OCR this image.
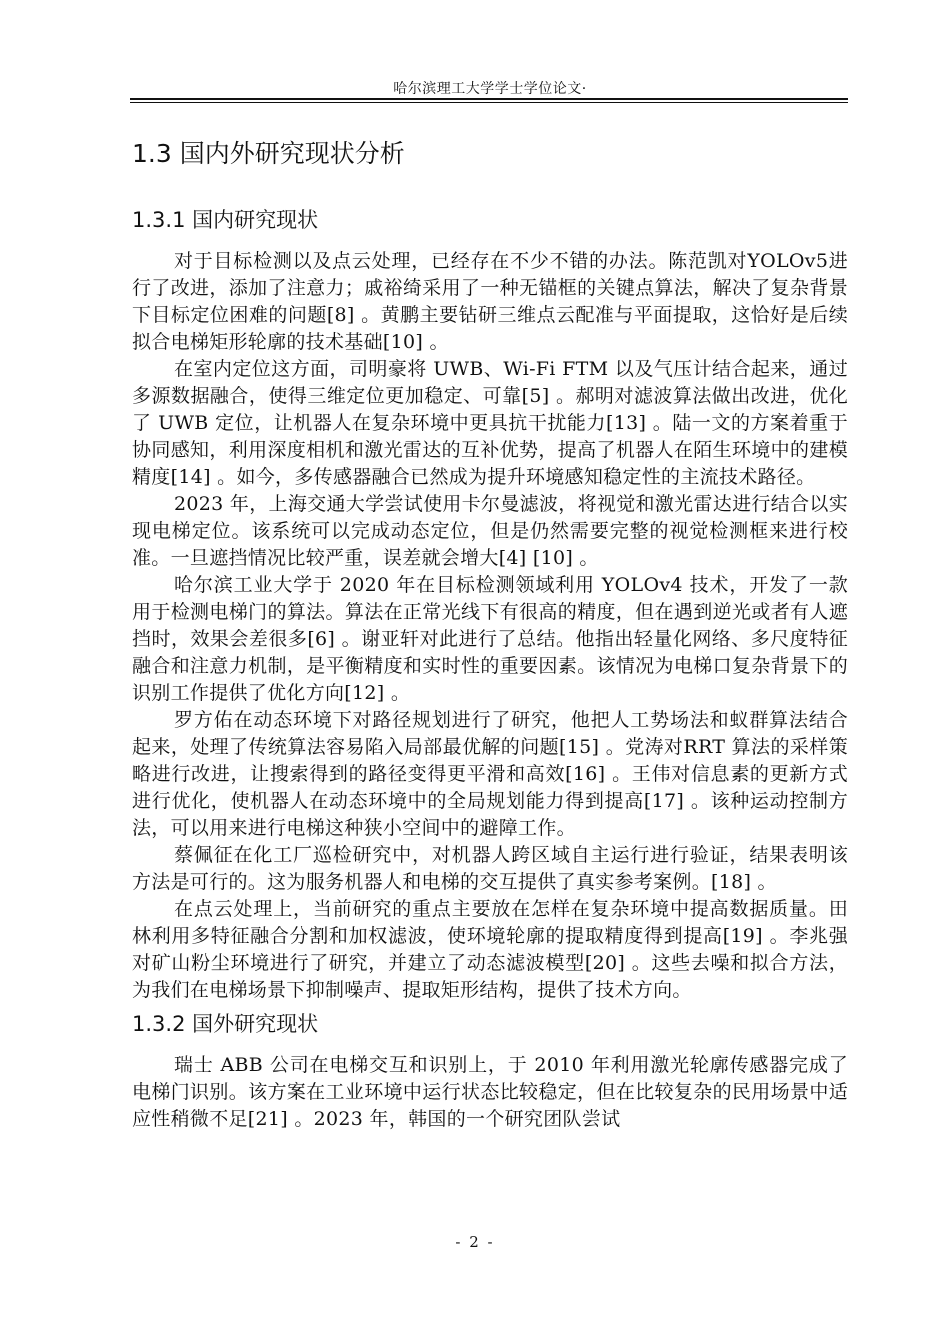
哈尔滨理工大学学士学位论文·
1.3 国内外研究现状分析
1.3.1 国内研究现状

对于目标检测以及点云处理，已经存在不少不错的办法。陈范凯对YOLOv5进行了改进，添加了注意力；戚裕绮采用了一种无锚框的关键点算法，解决了复杂背景下目标定位困难的问题[8] 。黄鹏主要钻研三维点云配准与平面提取，这恰好是后续拟合电梯矩形轮廓的技术基础[10] 。

在室内定位这方面，司明豪将 UWB、Wi-Fi FTM 以及气压计结合起来，通过多源数据融合，使得三维定位更加稳定、可靠[5] 。郝明对滤波算法做出改进，优化了 UWB 定位，让机器人在复杂环境中更具抗干扰能力[13] 。陆一文的方案着重于协同感知，利用深度相机和激光雷达的互补优势，提高了机器人在陌生环境中的建模精度[14] 。如今，多传感器融合已然成为提升环境感知稳定性的主流技术路径。

2023 年，上海交通大学尝试使用卡尔曼滤波，将视觉和激光雷达进行结合以实现电梯定位。该系统可以完成动态定位，但是仍然需要完整的视觉检测框来进行校准。一旦遮挡情况比较严重，误差就会增大[4] [10] 。

哈尔滨工业大学于 2020 年在目标检测领域利用 YOLOv4 技术，开发了一款用于检测电梯门的算法。算法在正常光线下有很高的精度，但在遇到逆光或者有人遮挡时，效果会差很多[6] 。谢亚轩对此进行了总结。他指出轻量化网络、多尺度特征融合和注意力机制，是平衡精度和实时性的重要因素。该情况为电梯口复杂背景下的识别工作提供了优化方向[12] 。

罗方佑在动态环境下对路径规划进行了研究，他把人工势场法和蚁群算法结合起来，处理了传统算法容易陷入局部最优解的问题[15] 。党涛对RRT 算法的采样策略进行改进，让搜索得到的路径变得更平滑和高效[16] 。王伟对信息素的更新方式进行优化，使机器人在动态环境中的全局规划能力得到提高[17] 。该种运动控制方法，可以用来进行电梯这种狭小空间中的避障工作。

蔡佩征在化工厂巡检研究中，对机器人跨区域自主运行进行验证，结果表明该方法是可行的。这为服务机器人和电梯的交互提供了真实参考案例。[18] 。

在点云处理上，当前研究的重点主要放在怎样在复杂环境中提高数据质量。田林利用多特征融合分割和加权滤波，使环境轮廓的提取精度得到提高[19] 。李兆强对矿山粉尘环境进行了研究，并建立了动态滤波模型[20] 。这些去噪和拟合方法，为我们在电梯场景下抑制噪声、提取矩形结构，提供了技术方向。

1.3.2 国外研究现状

瑞士 ABB 公司在电梯交互和识别上，于 2010 年利用激光轮廓传感器完成了电梯门识别。该方案在工业环境中运行状态比较稳定，但在比较复杂的民用场景中适应性稍微不足[21] 。2023 年，韩国的一个研究团队尝试

- 2 -
